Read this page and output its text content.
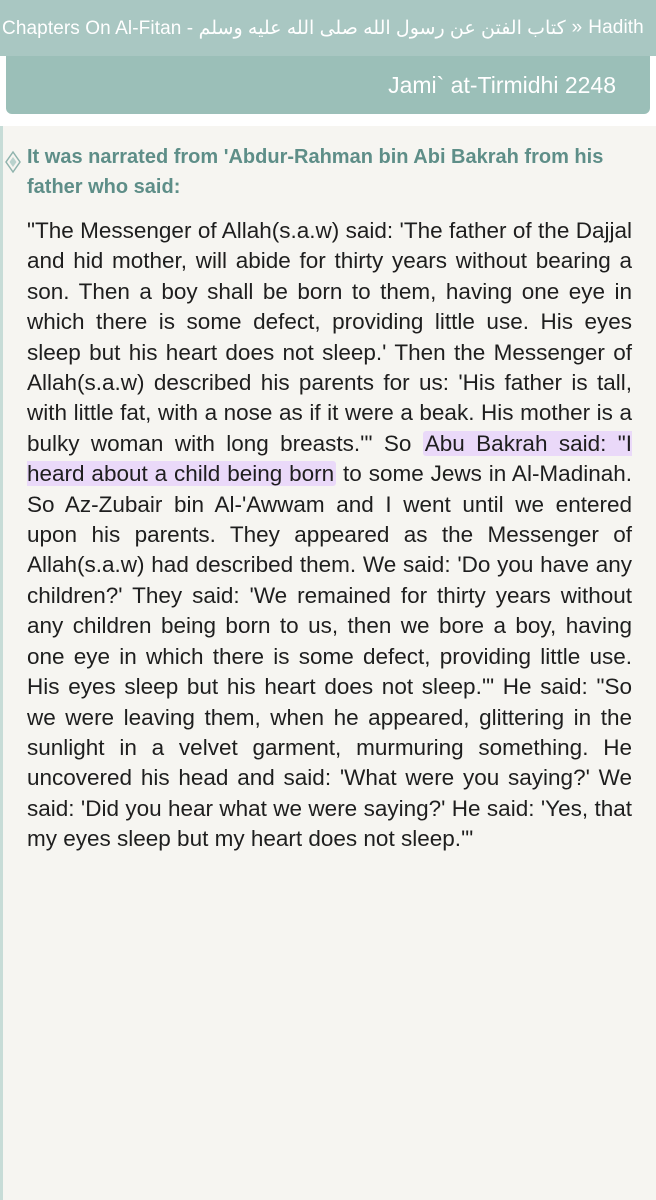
Chapters On Al-Fitan - كتاب الفتن عن رسول الله صلى الله عليه وسلم » Hadith
Jami` at-Tirmidhi 2248

It was narrated from 'Abdur-Rahman bin Abi Bakrah from his father who said:

"The Messenger of Allah(s.a.w) said: 'The father of the Dajjal and hid mother, will abide for thirty years without bearing a son. Then a boy shall be born to them, having one eye in which there is some defect, providing little use. His eyes sleep but his heart does not sleep.' Then the Messenger of Allah(s.a.w) described his parents for us: 'His father is tall, with little fat, with a nose as if it were a beak. His mother is a bulky woman with long breasts.'" So Abu Bakrah said: "I heard about a child being born to some Jews in Al-Madinah. So Az-Zubair bin Al-'Awwam and I went until we entered upon his parents. They appeared as the Messenger of Allah(s.a.w) had described them. We said: 'Do you have any children?' They said: 'We remained for thirty years without any children being born to us, then we bore a boy, having one eye in which there is some defect, providing little use. His eyes sleep but his heart does not sleep.'" He said: "So we were leaving them, when he appeared, glittering in the sunlight in a velvet garment, murmuring something. He uncovered his head and said: 'What were you saying?' We said: 'Did you hear what we were saying?' He said: 'Yes, that my eyes sleep but my heart does not sleep.'"
